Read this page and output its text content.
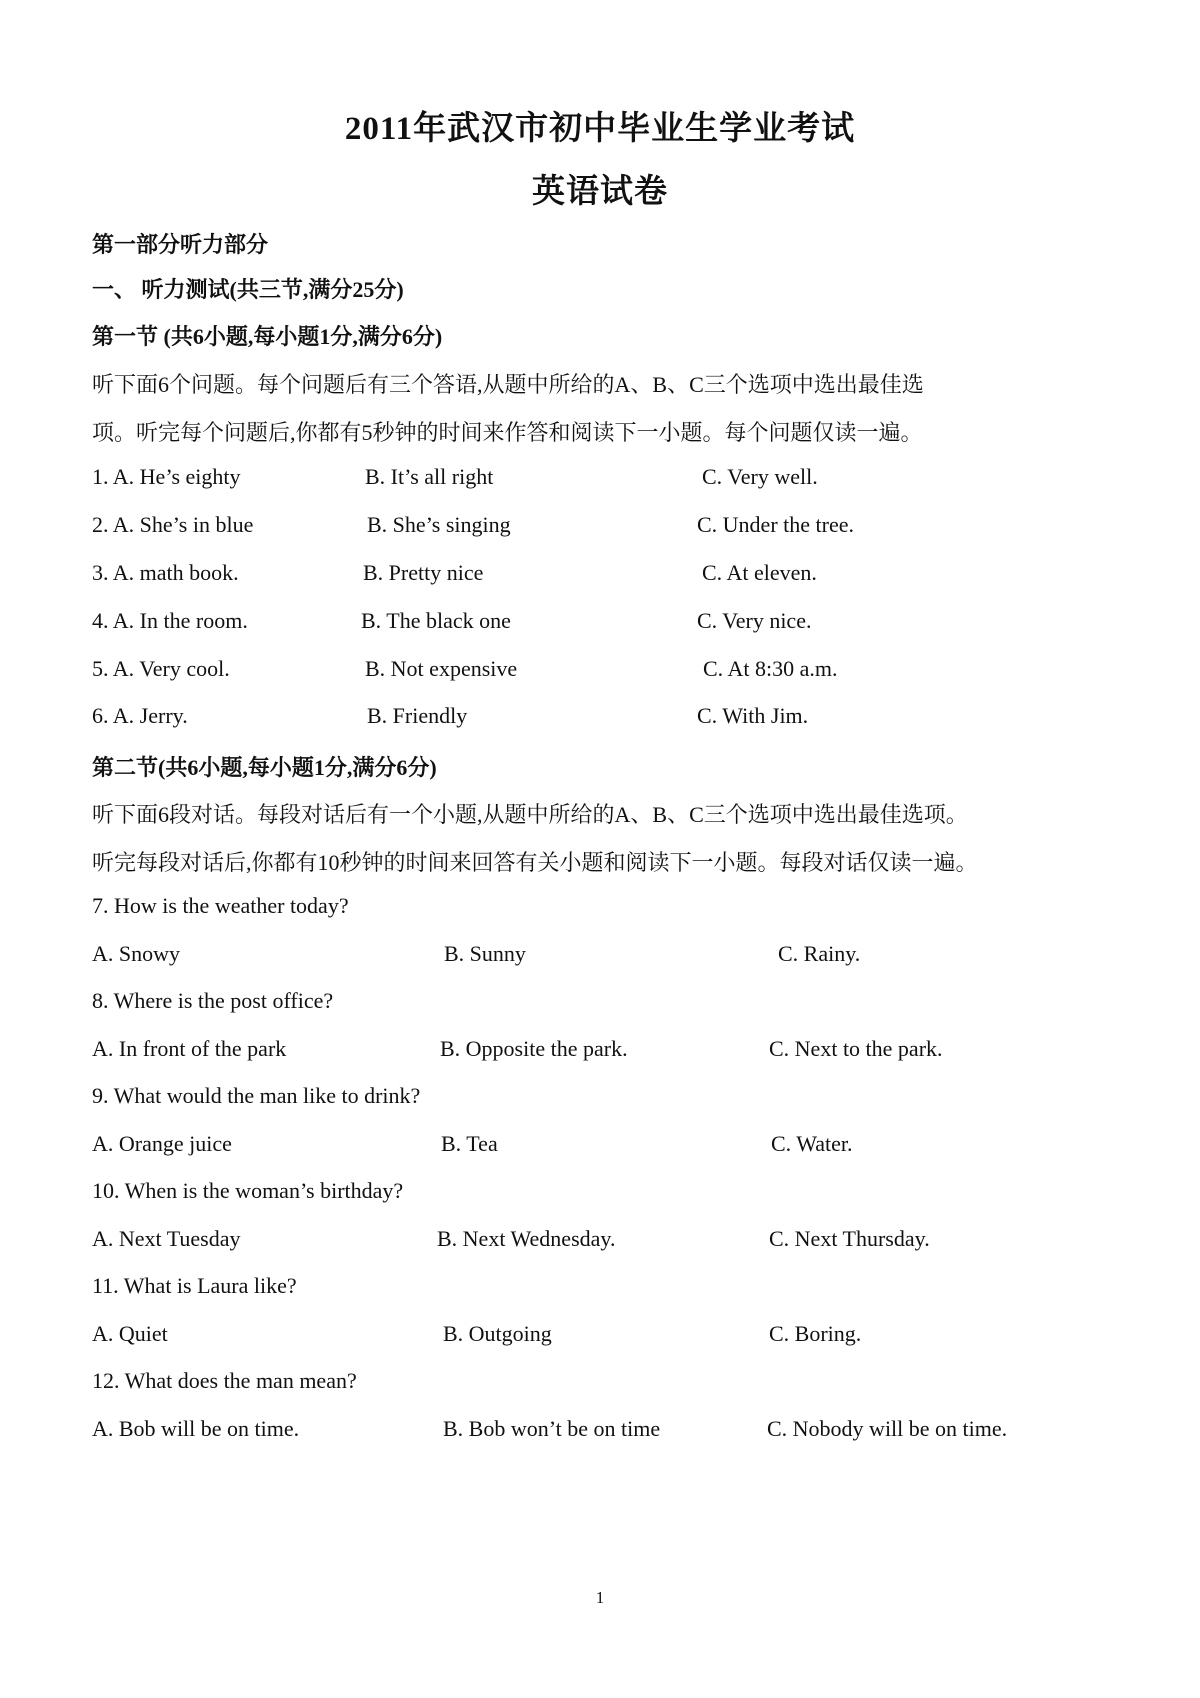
2011年武汉市初中毕业生学业考试
英语试卷
第一部分听力部分
一、 听力测试(共三节,满分25分)
第一节 (共6小题,每小题1分,满分6分)
听下面6个问题。每个问题后有三个答语,从题中所给的A、B、C三个选项中选出最佳选
项。听完每个问题后,你都有5秒钟的时间来作答和阅读下一小题。每个问题仅读一遍。
1. A. He’s eighty	B. It’s all right	C. Very well.
2. A. She’s in blue	B. She’s singing	C. Under the tree.
3. A. math book.	B. Pretty nice	C. At eleven.
4. A. In the room.	B. The black one	C. Very nice.
5. A. Very cool.	B. Not expensive	C. At 8:30 a.m.
6. A. Jerry.	B. Friendly	C. With Jim.
第二节(共6小题,每小题1分,满分6分)
听下面6段对话。每段对话后有一个小题,从题中所给的A、B、C三个选项中选出最佳选项。
听完每段对话后,你都有10秒钟的时间来回答有关小题和阅读下一小题。每段对话仅读一遍。
7. How is the weather today?
A. Snowy	B. Sunny	C. Rainy.
8. Where is the post office?
A. In front of the park	B. Opposite the park.	C. Next to the park.
9. What would the man like to drink?
A. Orange juice	B. Tea	C. Water.
10. When is the woman’s birthday?
A. Next Tuesday	B. Next Wednesday.	C. Next Thursday.
11. What is Laura like?
A. Quiet	B. Outgoing	C. Boring.
12. What does the man mean?
A. Bob will be on time.	B. Bob won’t be on time	C. Nobody will be on time.
1
